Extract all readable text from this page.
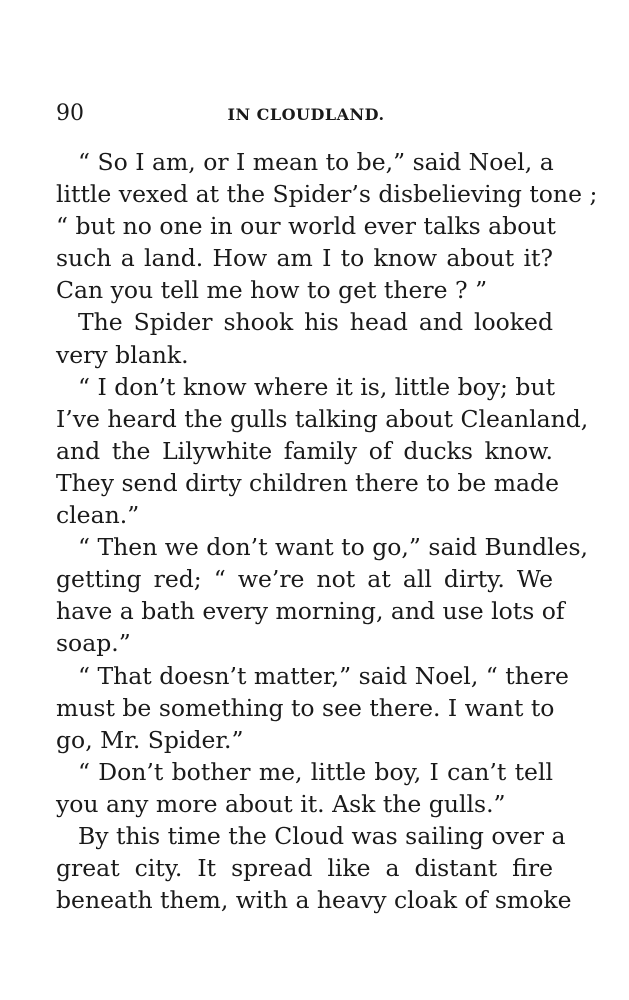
90	IN CLOUDLAND.
“ So I am, or I mean to be,” said Noel, a
little vexed at the Spider’s disbelieving tone ;
“ but no one in our world ever talks about
such a land. How am I to know about it?
Can you tell me how to get there ? ”
The Spider shook his head and looked
very blank.
“ I don’t know where it is, little boy; but
I’ve heard the gulls talking about Cleanland,
and the Lilywhite family of ducks know.
They send dirty children there to be made
clean.”
“ Then we don’t want to go,” said Bundles,
getting red; “ we’re not at all dirty. We
have a bath every morning, and use lots of
soap.”
“ That doesn’t matter,” said Noel, “ there
must be something to see there. I want to
go, Mr. Spider.”
“ Don’t bother me, little boy, I can’t tell
you any more about it. Ask the gulls.”
By this time the Cloud was sailing over a
great city. It spread like a distant fire
beneath them, with a heavy cloak of smoke
